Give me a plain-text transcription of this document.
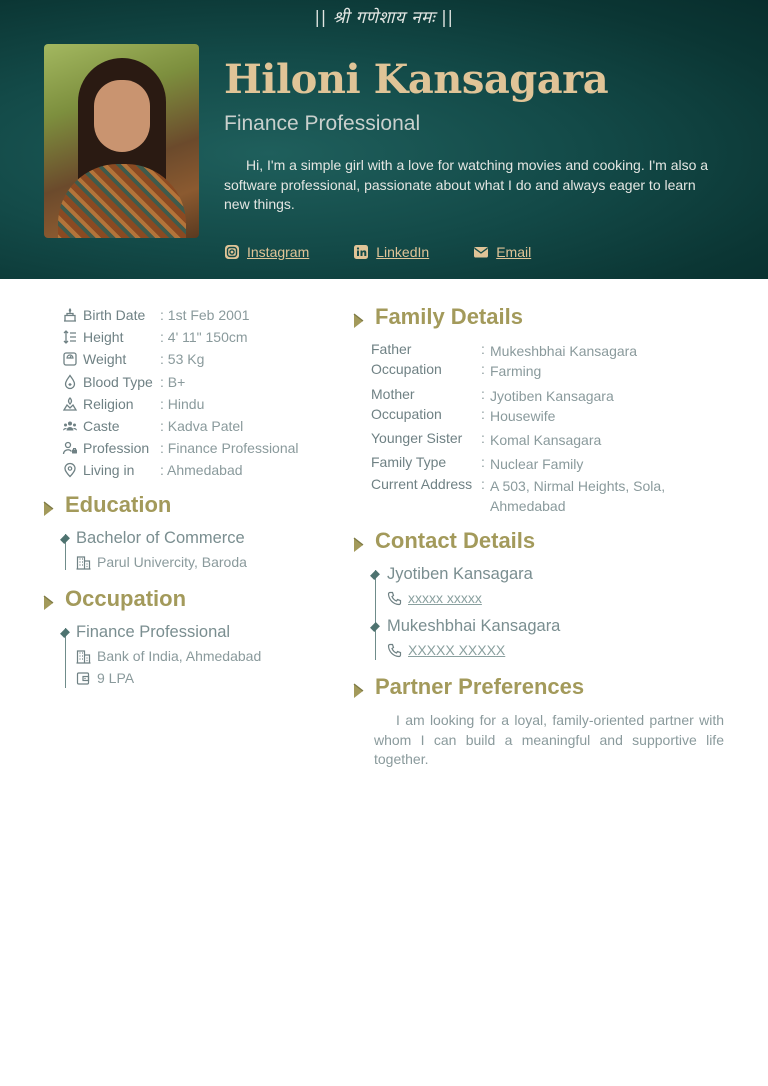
|| श्री गणेशाय नमः ||
Hiloni Kansagara
Finance Professional
Hi, I'm a simple girl with a love for watching movies and cooking. I'm also a software professional, passionate about what I do and always eager to learn new things.
Instagram	LinkedIn	Email
Birth Date	: 1st Feb 2001
Height	: 4' 11" 150cm
Weight	: 53 Kg
Blood Type : B+
Religion	: Hindu
Caste	: Kadva Patel
Profession : Finance Professional
Living in	: Ahmedabad
Education
Bachelor of Commerce
Parul Univercity, Baroda
Occupation
Finance Professional
Bank of India, Ahmedabad
9 LPA
Family Details
Father	: Mukeshbhai Kansagara
Occupation	: Farming
Mother	: Jyotiben Kansagara
Occupation	: Housewife
Younger Sister	: Komal Kansagara
Family Type	: Nuclear Family
Current Address : A 503, Nirmal Heights, Sola, Ahmedabad
Contact Details
Jyotiben Kansagara
xxxxx xxxxx
Mukeshbhai Kansagara
XXXXX XXXXX
Partner Preferences
I am looking for a loyal, family-oriented partner with whom I can build a meaningful and supportive life together.
